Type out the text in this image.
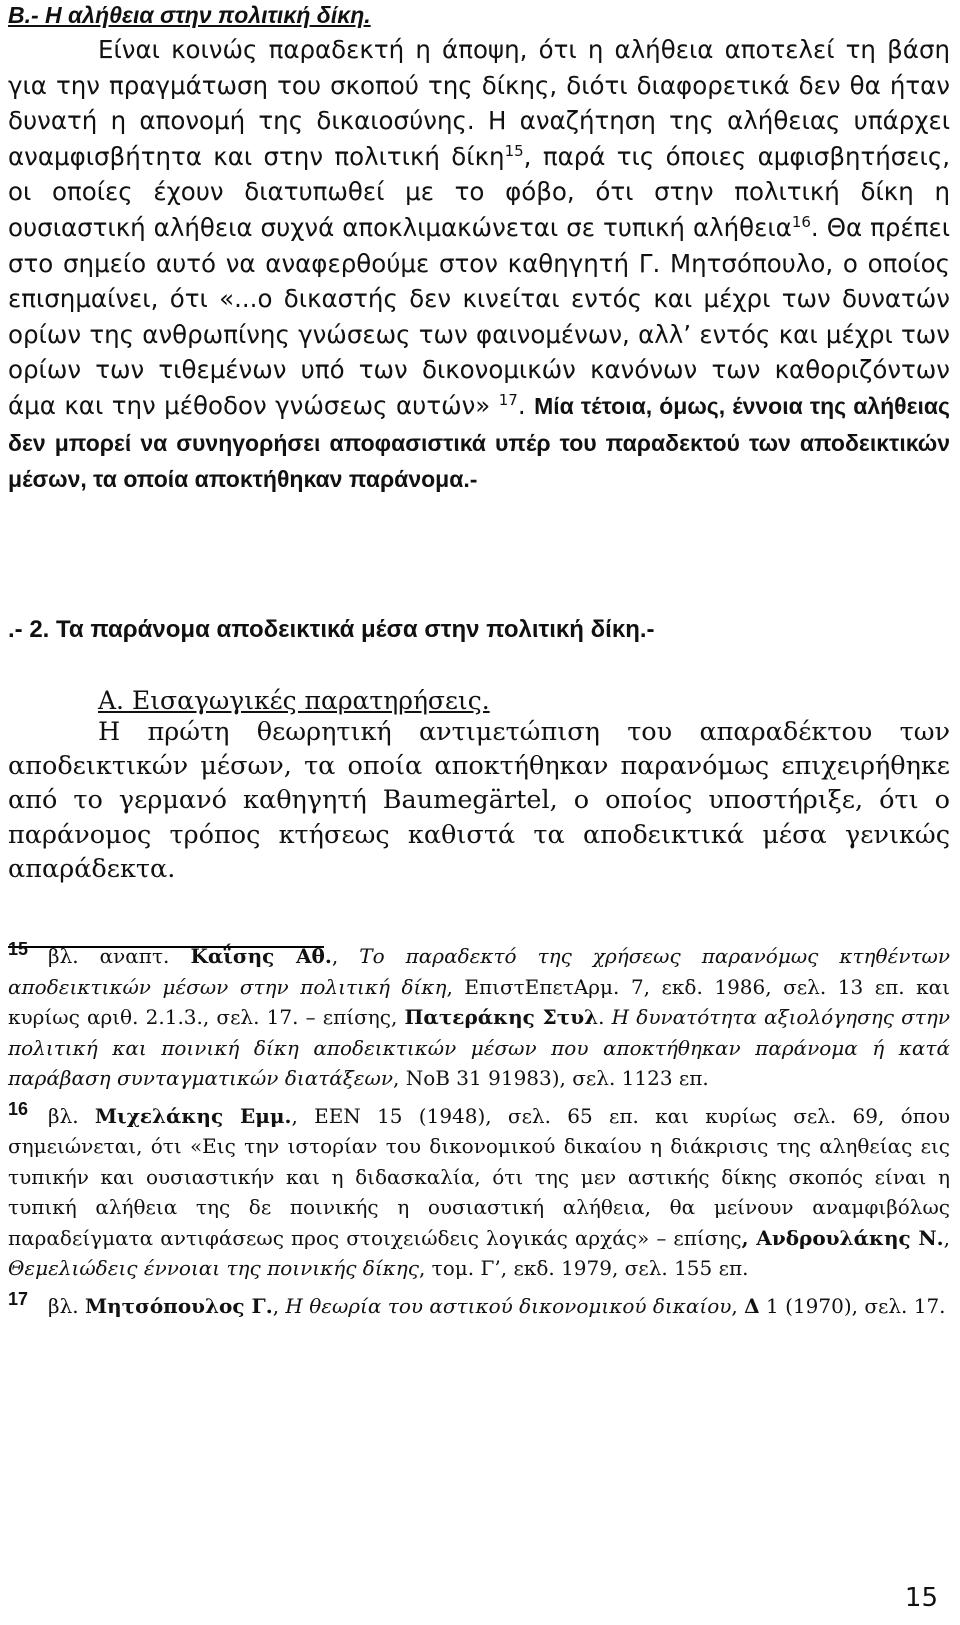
Β.- Η αλήθεια στην πολιτική δίκη.

Είναι κοινώς παραδεκτή η άποψη, ότι η αλήθεια αποτελεί τη βάση για την πραγμάτωση του σκοπού της δίκης, διότι διαφορετικά δεν θα ήταν δυνατή η απονομή της δικαιοσύνης. Η αναζήτηση της αλήθειας υπάρχει αναμφισβήτητα και στην πολιτική δίκη$^{15}$, παρά τις όποιες αμφισβητήσεις, οι οποίες έχουν διατυπωθεί με το φόβο, ότι στην πολιτική δίκη η ουσιαστική αλήθεια συχνά αποκλιμακώνεται σε τυπική αλήθεια$^{16}$. Θα πρέπει στο σημείο αυτό να αναφερθούμε στον καθηγητή Γ. Μητσόπουλο, ο οποίος επισημαίνει, ότι «...ο δικαστής δεν κινείται εντός και μέχρι των δυνατών ορίων της ανθρωπίνης γνώσεως των φαινομένων, αλλ’ εντός και μέχρι των ορίων των τιθεμένων υπό των δικονομικών κανόνων των καθοριζόντων άμα και την μέθοδον γνώσεως αυτών» $^{17}$. Μία τέτοια, όμως, έννοια της αλήθειας δεν μπορεί να συνηγορήσει αποφασιστικά υπέρ του παραδεκτού των αποδεικτικών μέσων, τα οποία αποκτήθηκαν παράνομα.-

.- 2. Τα παράνομα αποδεικτικά μέσα στην πολιτική δίκη.-

Α. Εισαγωγικές παρατηρήσεις.

Η πρώτη θεωρητική αντιμετώπιση του απαραδέκτου των αποδεικτικών μέσων, τα οποία αποκτήθηκαν παρανόμως επιχειρήθηκε από το γερμανό καθηγητή Baumegärtel, ο οποίος υποστήριξε, ότι ο παράνομος τρόπος κτήσεως καθιστά τα αποδεικτικά μέσα γενικώς απαράδεκτα.

15 βλ. αναπτ. Καΐσης Αθ., Το παραδεκτό της χρήσεως παρανόμως κτηθέντων αποδεικτικών μέσων στην πολιτική δίκη, ΕπιστΕπετΑρμ. 7, εκδ. 1986, σελ. 13 επ. και κυρίως αριθ. 2.1.3., σελ. 17. – επίσης, Πατεράκης Στυλ. Η δυνατότητα αξιολόγησης στην πολιτική και ποινική δίκη αποδεικτικών μέσων που αποκτήθηκαν παράνομα ή κατά παράβαση συνταγματικών διατάξεων, ΝοΒ 31 91983), σελ. 1123 επ.

16 βλ. Μιχελάκης Εμμ., ΕΕΝ 15 (1948), σελ. 65 επ. και κυρίως σελ. 69, όπου σημειώνεται, ότι «Εις την ιστορίαν του δικονομικού δικαίου η διάκρισις της αληθείας εις τυπικήν και ουσιαστικήν και η διδασκαλία, ότι της μεν αστικής δίκης σκοπός είναι η τυπική αλήθεια της δε ποινικής η ουσιαστική αλήθεια, θα μείνουν αναμφιβόλως παραδείγματα αντιφάσεως προς στοιχειώδεις λογικάς αρχάς» – επίσης, Ανδρουλάκης Ν., Θεμελιώδεις έννοιαι της ποινικής δίκης, τομ. Γ’, εκδ. 1979, σελ. 155 επ.

17 βλ. Μητσόπουλος Γ., Η θεωρία του αστικού δικονομικού δικαίου, Δ 1 (1970), σελ. 17.

15
